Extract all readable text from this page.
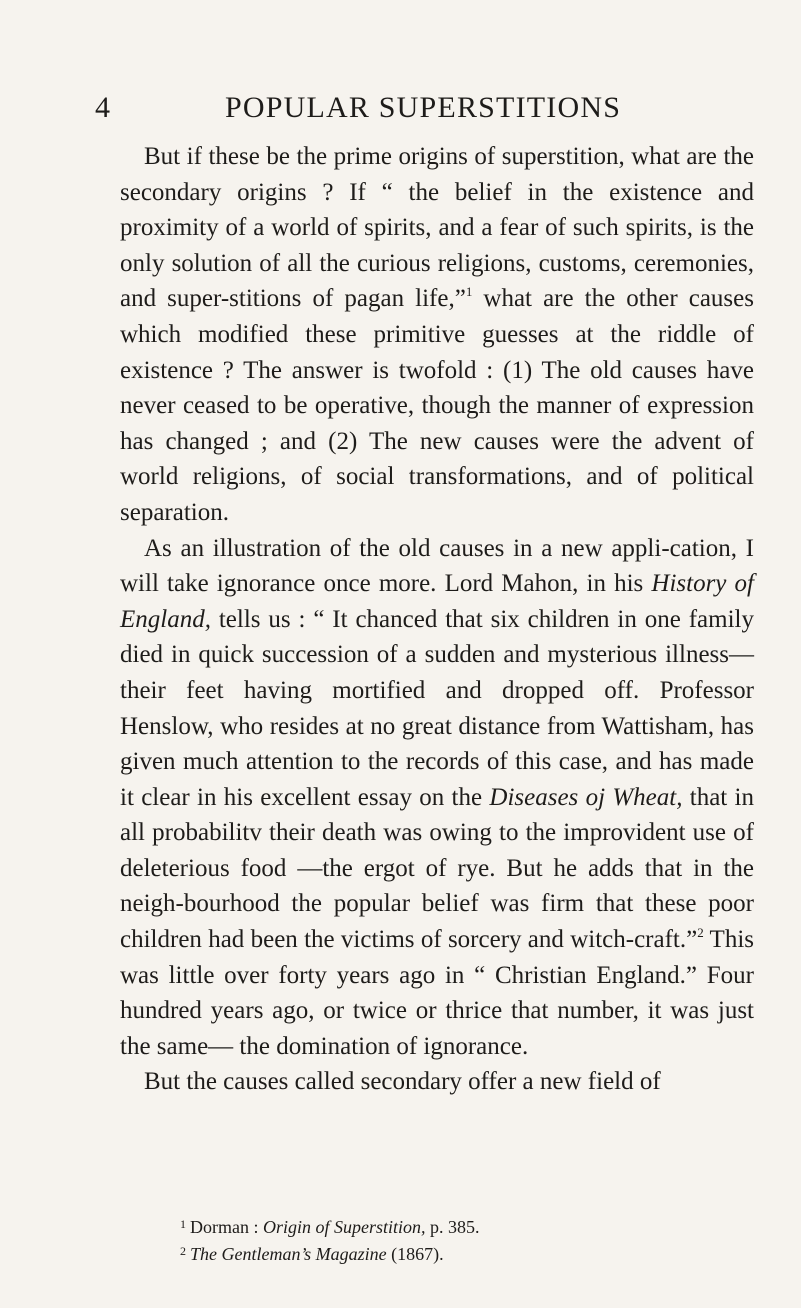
4	POPULAR SUPERSTITIONS

But if these be the prime origins of superstition, what are the secondary origins ? If “ the belief in the existence and proximity of a world of spirits, and a fear of such spirits, is the only solution of all the curious religions, customs, ceremonies, and super-stitions of pagan life,”$^1$ what are the other causes which modified these primitive guesses at the riddle of existence ? The answer is twofold : (1) The old causes have never ceased to be operative, though the manner of expression has changed ; and (2) The new causes were the advent of world religions, of social transformations, and of political separation.

As an illustration of the old causes in a new appli-cation, I will take ignorance once more. Lord Mahon, in his History of England, tells us : “ It chanced that six children in one family died in quick succession of a sudden and mysterious illness—their feet having mortified and dropped off. Professor Henslow, who resides at no great distance from Wattisham, has given much attention to the records of this case, and has made it clear in his excellent essay on the Diseases oj Wheat, that in all probabilitv their death was owing to the improvident use of deleterious food —the ergot of rye. But he adds that in the neigh-bourhood the popular belief was firm that these poor children had been the victims of sorcery and witch-craft.”$^2$ This was little over forty years ago in “ Christian England.” Four hundred years ago, or twice or thrice that number, it was just the same— the domination of ignorance.

But the causes called secondary offer a new field of

$^1$ Dorman : Origin of Superstition, p. 385.

$^2$ The Gentleman’s Magazine (1867).
